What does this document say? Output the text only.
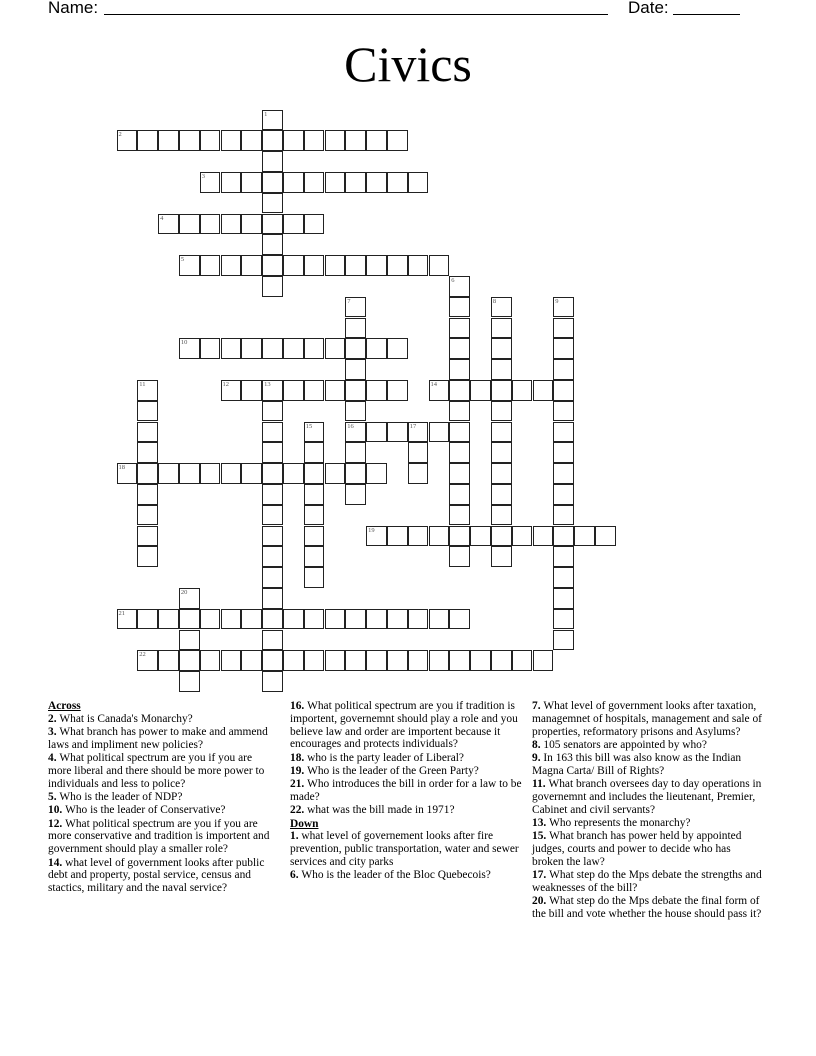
Name:	Date:
Civics
1
2
3
4
5
6
7
16
8	9
10
11	12	13	14
15	17
18
19
20
21
22
Across
2. What is Canada's Monarchy?
3. What branch has power to make and ammend laws and impliment new policies?
4. What political spectrum are you if you are more liberal and there should be more power to individuals and less to police?
5. Who is the leader of NDP?
10. Who is the leader of Conservative?
12. What political spectrum are you if you are more conservative and tradition is importent and government should play a smaller role?
14. what level of government looks after public debt and property, postal service, census and stactics, military and the naval service?
16. What political spectrum are you if tradition is importent, governemnt should play a role and you believe law and order are importent because it encourages and protects individuals?
18. who is the party leader of Liberal?
19. Who is the leader of the Green Party?
21. Who introduces the bill in order for a law to be made?
22. what was the bill made in 1971?
Down
1. what level of governement looks after fire prevention, public transportation, water and sewer services and city parks
6. Who is the leader of the Bloc Quebecois?
7. What level of government looks after taxation, managemnet of hospitals, management and sale of properties, reformatory prisons and Asylums?
8. 105 senators are appointed by who?
9. In 163 this bill was also know as the Indian Magna Carta/ Bill of Rights?
11. What branch oversees day to day operations in governemnt and includes the lieutenant, Premier, Cabinet and civil servants?
13. Who represents the monarchy?
15. What branch has power held by appointed judges, courts and power to decide who has broken the law?
17. What step do the Mps debate the strengths and weaknesses of the bill?
20. What step do the Mps debate the final form of the bill and vote whether the house should pass it?
